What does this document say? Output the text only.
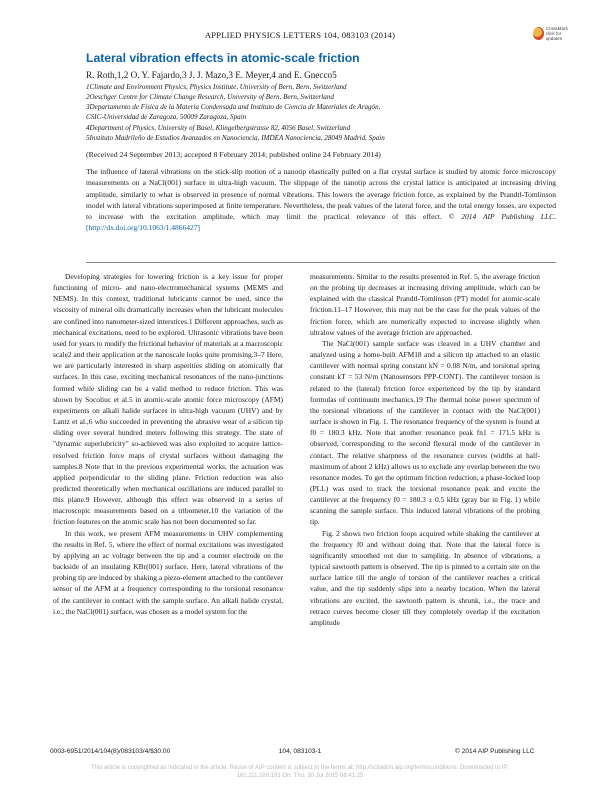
APPLIED PHYSICS LETTERS 104, 083103 (2014)
CrossMark
click for updates
Lateral vibration effects in atomic-scale friction
R. Roth,1,2 O. Y. Fajardo,3 J. J. Mazo,3 E. Meyer,4 and E. Gnecco5
1Climate and Environment Physics, Physics Institute, University of Bern, Bern, Switzerland
2Oeschger Centre for Climate Change Research, University of Bern, Bern, Switzerland
3Departamento de Física de la Materia Condensada and Instituto de Ciencia de Materiales de Aragón,
CSIC-Universidad de Zaragoza, 50009 Zaragoza, Spain
4Department of Physics, University of Basel, Klingelbergstrasse 82, 4056 Basel, Switzerland
5Instituto Madrileño de Estudios Avanzados en Nanociencia, IMDEA Nanociencia, 28049 Madrid, Spain
(Received 24 September 2013; accepted 8 February 2014; published online 24 February 2014)
The influence of lateral vibrations on the stick-slip motion of a nanotip elastically pulled on a flat crystal surface is studied by atomic force microscopy measurements on a NaCl(001) surface in ultra-high vacuum. The slippage of the nanotip across the crystal lattice is anticipated at increasing driving amplitude, similarly to what is observed in presence of normal vibrations. This lowers the average friction force, as explained by the Prandtl-Tomlinson model with lateral vibrations superimposed at finite temperature. Nevertheless, the peak values of the lateral force, and the total energy losses, are expected to increase with the excitation amplitude, which may limit the practical relevance of this effect. © 2014 AIP Publishing LLC. [http://dx.doi.org/10.1063/1.4866427]

Developing strategies for lowering friction is a key issue for proper functioning of micro- and nano-electromechanical systems (MEMS and NEMS). In this context, traditional lubricants cannot be used, since the viscosity of mineral oils dramatically increases when the lubricant molecules are confined into nanometer-sized interstices.1 Different approaches, such as mechanical excitations, need to be explored. Ultrasonic vibrations have been used for years to modify the frictional behavior of materials at a macroscopic scale2 and their application at the nanoscale looks quite promising.3–7 Here, we are particularly interested in sharp asperities sliding on atomically flat surfaces. In this case, exciting mechanical resonances of the nano-junctions formed while sliding can be a valid method to reduce friction. This was shown by Socoliuc et al.5 in atomic-scale atomic force microscopy (AFM) experiments on alkali halide surfaces in ultra-high vacuum (UHV) and by Lantz et al.,6 who succeeded in preventing the abrasive wear of a silicon tip sliding over several hundred meters following this strategy. The state of "dynamic superlubricity" so-achieved was also exploited to acquire lattice-resolved friction force maps of crystal surfaces without damaging the samples.8 Note that in the previous experimental works, the actuation was applied perpendicular to the sliding plane. Friction reduction was also predicted theoretically when mechanical oscillations are induced parallel to this plane.9 However, although this effect was observed in a series of macroscopic measurements based on a tribometer,10 the variation of the friction features on the atomic scale has not been documented so far.

In this work, we present AFM measurements in UHV complementing the results in Ref. 5, where the effect of normal excitations was investigated by applying an ac voltage between the tip and a counter electrode on the backside of an insulating KBr(001) surface. Here, lateral vibrations of the probing tip are induced by shaking a piezo-element attached to the cantilever sensor of the AFM at a frequency corresponding to the torsional resonance of the cantilever in contact with the sample surface. An alkali halide crystal, i.e., the NaCl(001) surface, was chosen as a model system for the

measurements. Similar to the results presented in Ref. 5, the average friction on the probing tip decreases at increasing driving amplitude, which can be explained with the classical Prandtl-Tomlinson (PT) model for atomic-scale friction.11–17 However, this may not be the case for the peak values of the friction force, which are numerically expected to increase slightly when ultralow values of the average friction are approached.

The NaCl(001) sample surface was cleaved in a UHV chamber and analyzed using a home-built AFM18 and a silicon tip attached to an elastic cantilever with normal spring constant kN = 0.08 N/m, and torsional spring constant kT = 53 N/m (Nanosensors PPP-CONT). The cantilever torsion is related to the (lateral) friction force experienced by the tip by standard formulas of continuum mechanics.19 The thermal noise power spectrum of the torsional vibrations of the cantilever in contact with the NaCl(001) surface is shown in Fig. 1. The resonance frequency of the system is found at f0 = 180.3 kHz. Note that another resonance peak fn1 = 171.5 kHz is observed, corresponding to the second flexural mode of the cantilever in contact. The relative sharpness of the resonance curves (widths at half-maximum of about 2 kHz) allows us to exclude any overlap between the two resonance modes. To get the optimum friction reduction, a phase-locked loop (PLL) was used to track the torsional resonance peak and excite the cantilever at the frequency f0 = 180.3 ± 0.5 kHz (gray bar in Fig. 1) while scanning the sample surface. This induced lateral vibrations of the probing tip.

Fig. 2 shows two friction loops acquired while shaking the cantilever at the frequency f0 and without doing that. Note that the lateral force is significantly smoothed out due to sampling. In absence of vibrations, a typical sawtooth pattern is observed. The tip is pinned to a certain site on the surface lattice till the angle of torsion of the cantilever reaches a critical value, and the tip suddenly slips into a nearby location. When the lateral vibrations are excited, the sawtooth pattern is shrunk, i.e., the trace and retrace curves become closer till they completely overlap if the excitation amplitude

0003-6951/2014/104(8)/083103/4/$30.00	104, 083103-1	© 2014 AIP Publishing LLC
This article is copyrighted as indicated in the article. Reuse of AIP content is subject to the terms at: http://scitation.aip.org/termsconditions. Downloaded to IP:
161.111.180.191 On: Thu, 30 Jul 2015 08:41:25
